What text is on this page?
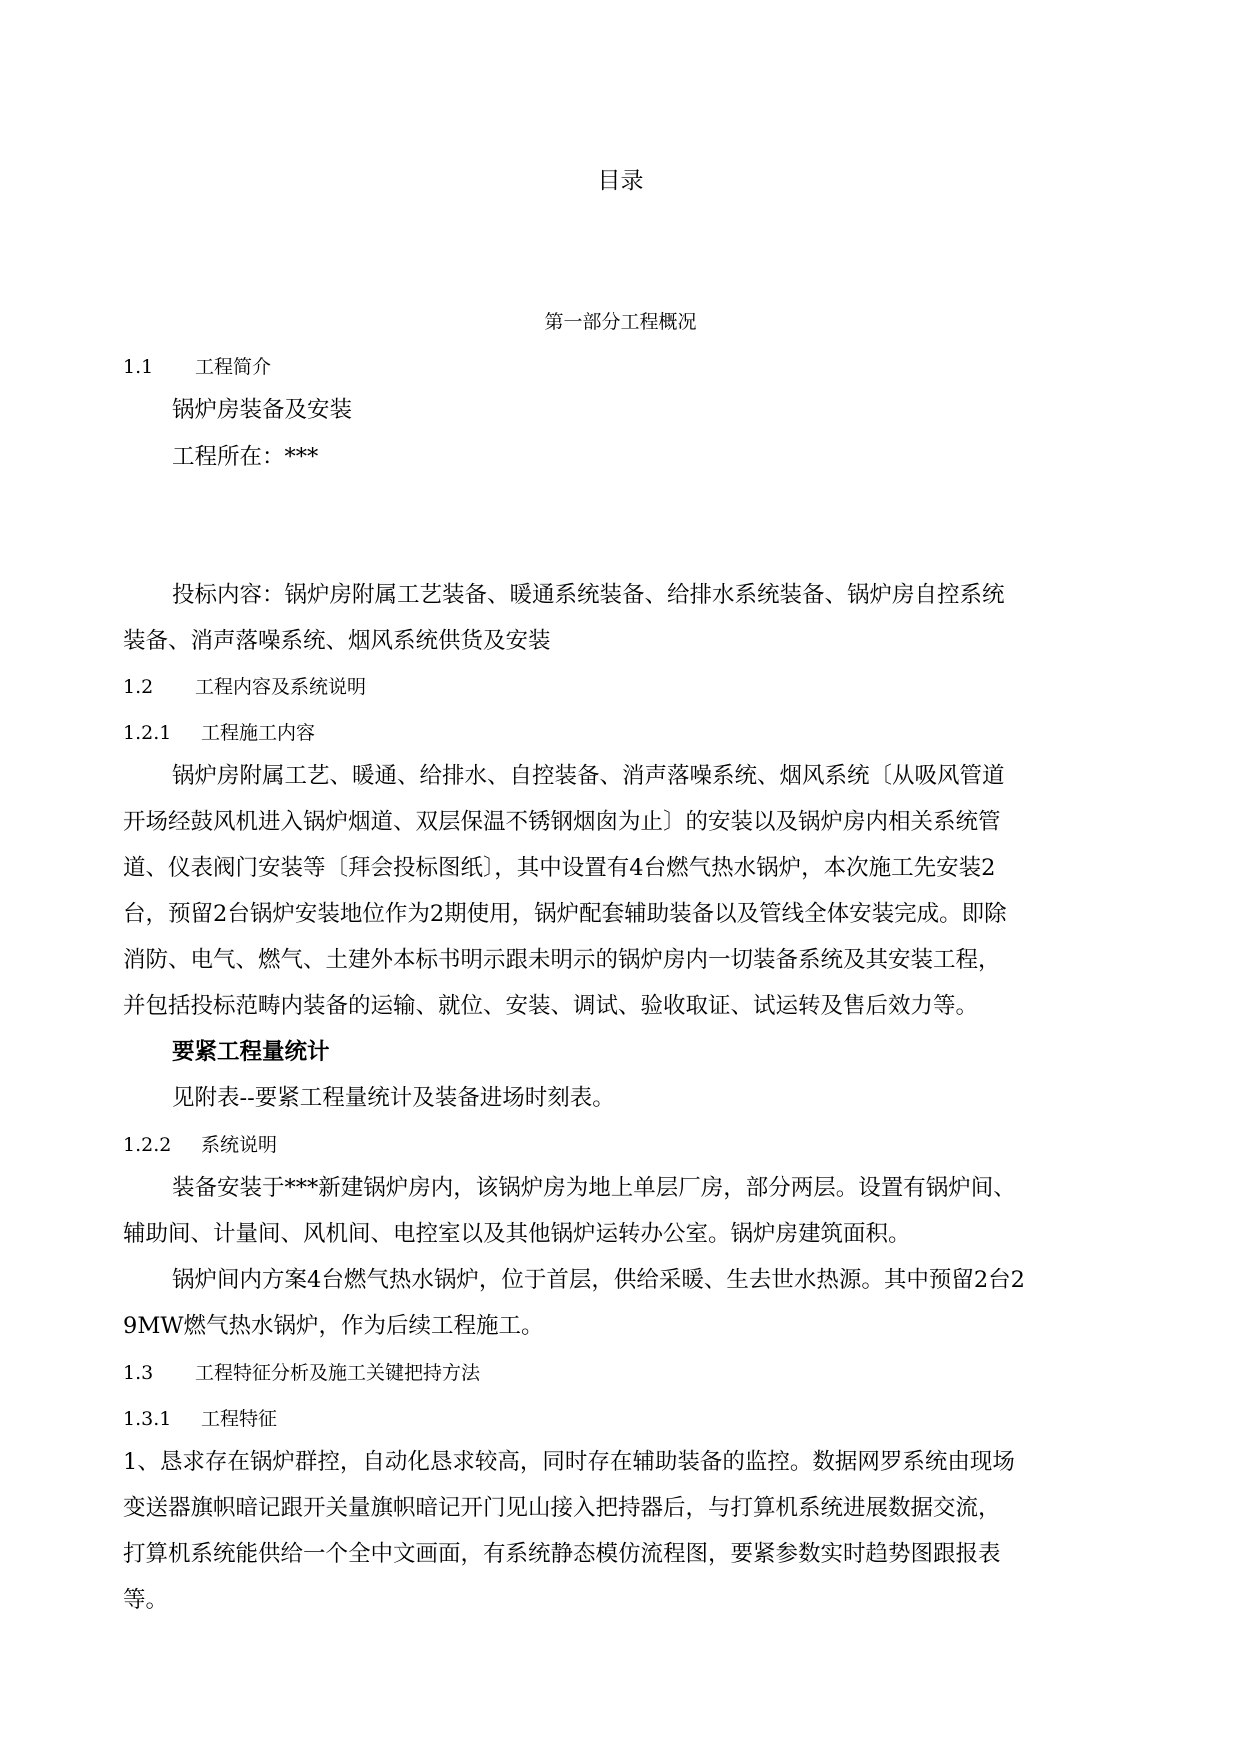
目录
第一部分工程概况
1.1 工程简介
锅炉房装备及安装
工程所在：***
投标内容：锅炉房附属工艺装备、暖通系统装备、给排水系统装备、锅炉房自控系统
装备、消声落噪系统、烟风系统供货及安装
1.2 工程内容及系统说明
1.2.1 工程施工内容
锅炉房附属工艺、暖通、给排水、自控装备、消声落噪系统、烟风系统〔从吸风管道
开场经鼓风机进入锅炉烟道、双层保温不锈钢烟囱为止〕的安装以及锅炉房内相关系统管
道、仪表阀门安装等〔拜会投标图纸〕，其中设置有4台燃气热水锅炉，本次施工先安装2
台，预留2台锅炉安装地位作为2期使用，锅炉配套辅助装备以及管线全体安装完成。即除
消防、电气、燃气、土建外本标书明示跟未明示的锅炉房内一切装备系统及其安装工程，
并包括投标范畴内装备的运输、就位、安装、调试、验收取证、试运转及售后效力等。
要紧工程量统计
见附表--要紧工程量统计及装备进场时刻表。
1.2.2 系统说明
装备安装于***新建锅炉房内，该锅炉房为地上单层厂房，部分两层。设置有锅炉间、
辅助间、计量间、风机间、电控室以及其他锅炉运转办公室。锅炉房建筑面积。
锅炉间内方案4台燃气热水锅炉，位于首层，供给采暖、生去世水热源。其中预留2台2
9MW燃气热水锅炉，作为后续工程施工。
1.3 工程特征分析及施工关键把持方法
1.3.1 工程特征
1、恳求存在锅炉群控，自动化恳求较高，同时存在辅助装备的监控。数据网罗系统由现场
变送器旗帜暗记跟开关量旗帜暗记开门见山接入把持器后，与打算机系统进展数据交流，
打算机系统能供给一个全中文画面，有系统静态模仿流程图，要紧参数实时趋势图跟报表
等。
